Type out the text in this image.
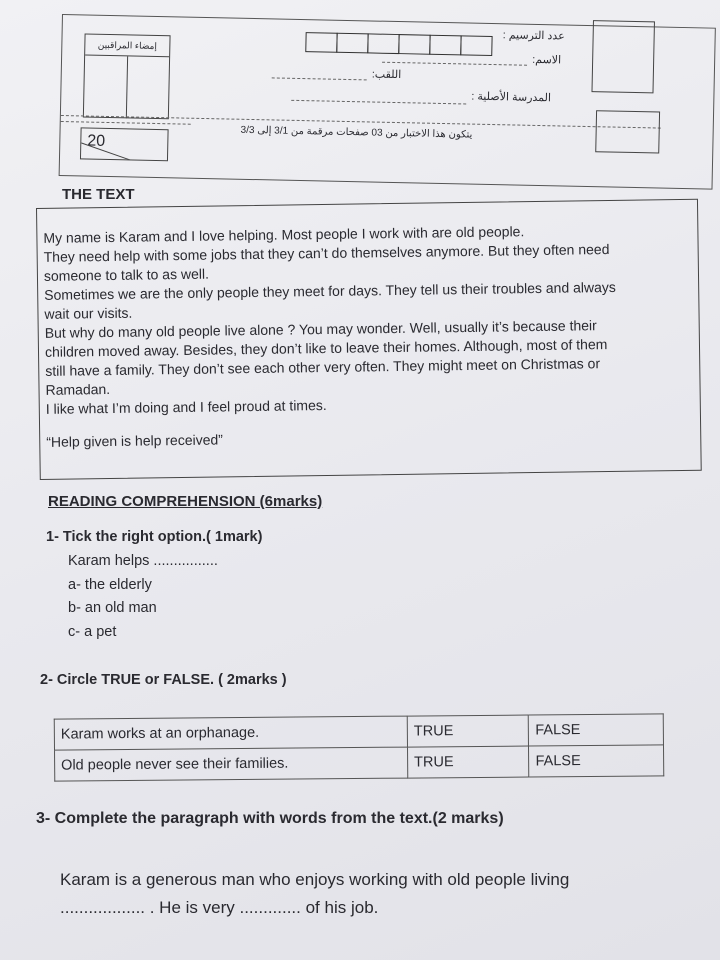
إمضاء المراقبين
20
عدد الترسيم :
الاسم:
اللقب:
المدرسة الأصلية :
يتكون هذا الاختبار من 03 صفحات مرقمة من 3/1 إلى 3/3
THE TEXT

My name is Karam and I love helping. Most people I work with are old people.

They need help with some jobs that they can’t do themselves anymore. But they often need

someone to talk to as well.

Sometimes we are the only people they meet for days. They tell us their troubles and always

wait our visits.

But why do many old people live alone ? You may wonder. Well, usually it’s because their

children moved away. Besides, they don’t like to leave their homes. Although, most of them

still have a family. They don’t see each other very often. They might meet on Christmas or

Ramadan.

I like what I’m doing and I feel proud at times.

“Help given is help received”

READING COMPREHENSION (6marks)
1- Tick the right option.( 1mark)
Karam helps ................
a- the elderly
b- an old man
c- a pet
2- Circle TRUE or FALSE. ( 2marks )
Karam works at an orphanage.	TRUE	FALSE
Old people never see their families.	TRUE	FALSE
3- Complete the paragraph with words from the text.(2 marks)
Karam is a generous man who enjoys working with old people living
.................. . He is very ............. of his job.
